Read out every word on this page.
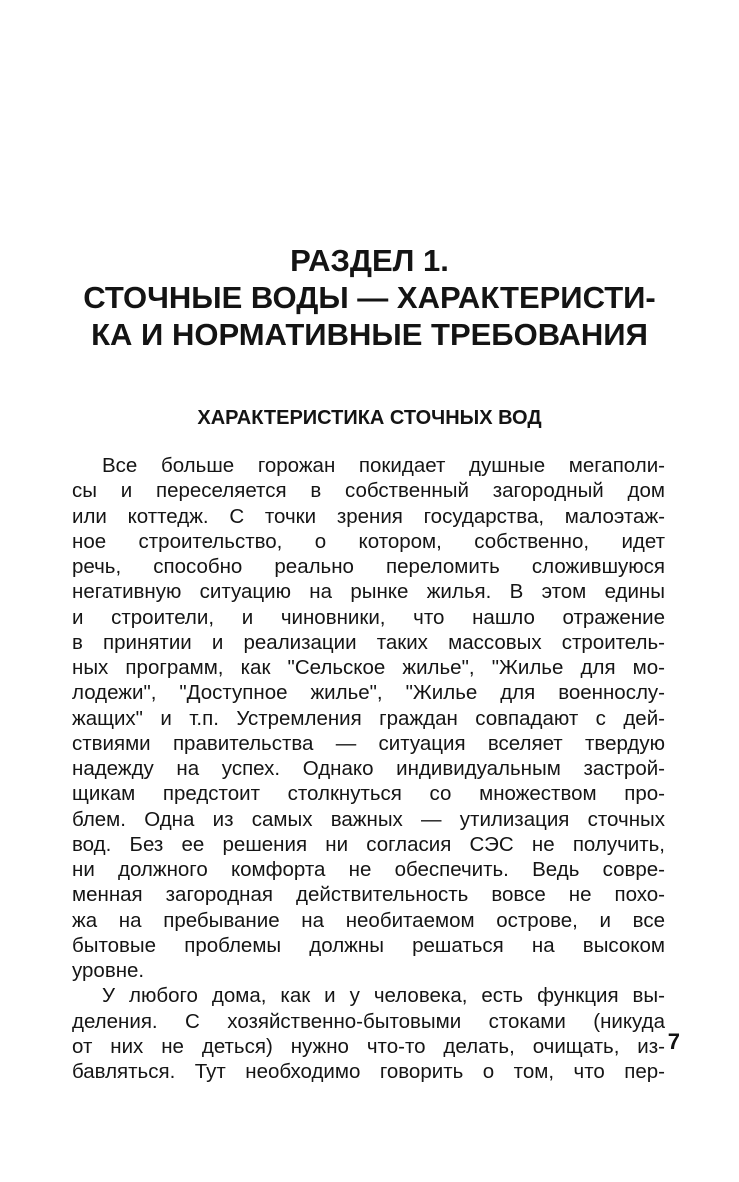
РАЗДЕЛ 1.
СТОЧНЫЕ ВОДЫ — ХАРАКТЕРИСТИ-
КА И НОРМАТИВНЫЕ ТРЕБОВАНИЯ
ХАРАКТЕРИСТИКА СТОЧНЫХ ВОД
Все больше горожан покидает душные мегаполи-
сы и переселяется в собственный загородный дом
или коттедж. С точки зрения государства, малоэтаж-
ное строительство, о котором, собственно, идет
речь, способно реально переломить сложившуюся
негативную ситуацию на рынке жилья. В этом едины
и строители, и чиновники, что нашло отражение
в принятии и реализации таких массовых строитель-
ных программ, как "Сельское жилье", "Жилье для мо-
лодежи", "Доступное жилье", "Жилье для военнослу-
жащих" и т.п. Устремления граждан совпадают с дей-
ствиями правительства — ситуация вселяет твердую
надежду на успех. Однако индивидуальным застрой-
щикам предстоит столкнуться со множеством про-
блем. Одна из самых важных — утилизация сточных
вод. Без ее решения ни согласия СЭС не получить,
ни должного комфорта не обеспечить. Ведь совре-
менная загородная действительность вовсе не похо-
жа на пребывание на необитаемом острове, и все
бытовые проблемы должны решаться на высоком
уровне.
У любого дома, как и у человека, есть функция вы-
деления. С хозяйственно-бытовыми стоками (никуда
от них не деться) нужно что-то делать, очищать, из-
бавляться. Тут необходимо говорить о том, что пер-
7
